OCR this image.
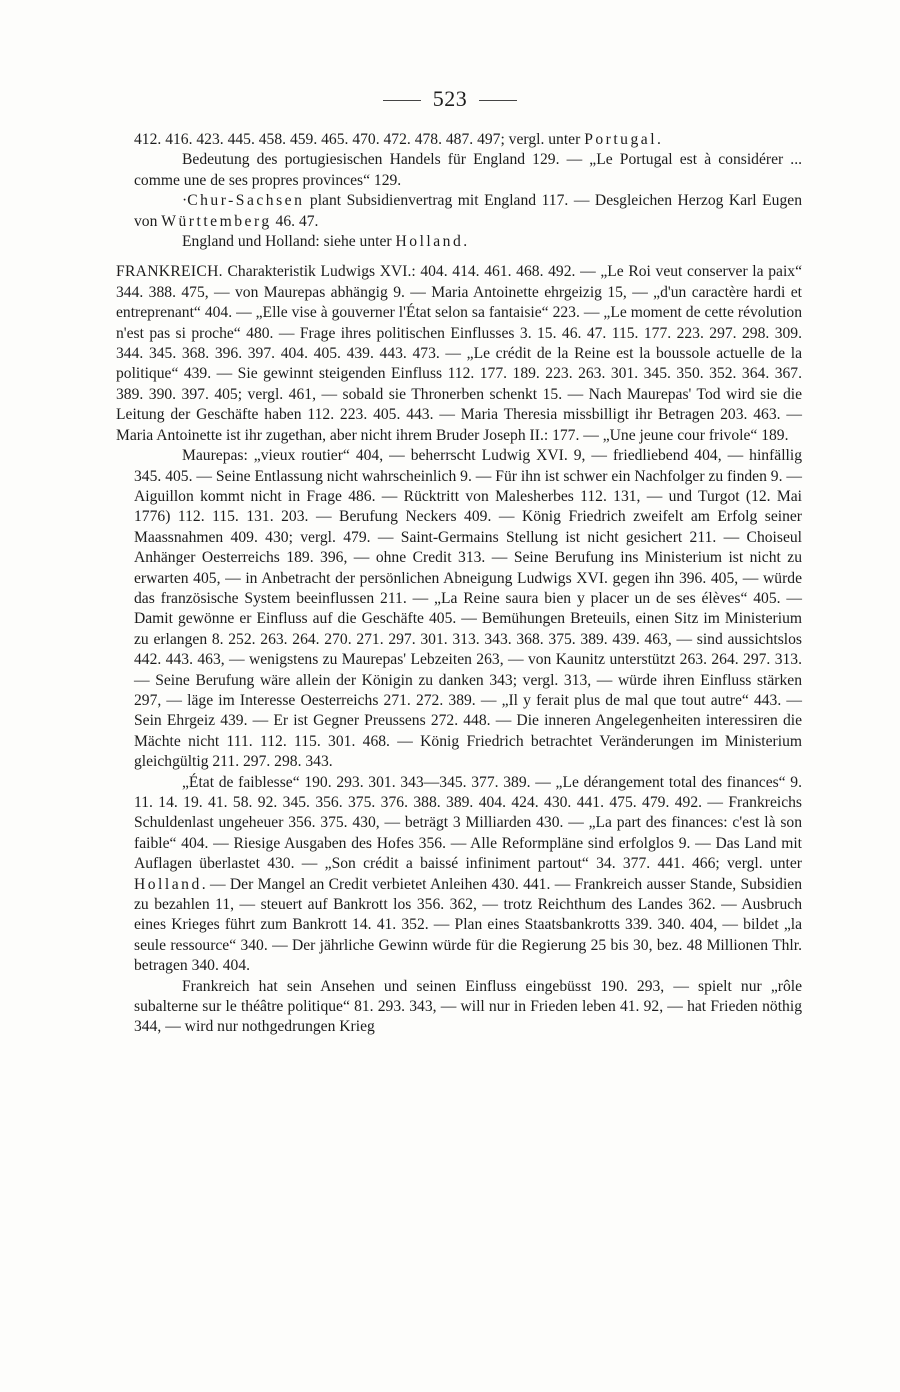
523

412. 416. 423. 445. 458. 459. 465. 470. 472. 478. 487. 497; vergl. unter Portugal.

Bedeutung des portugiesischen Handels für England 129. — „Le Portugal est à considérer ... comme une de ses propres provinces“ 129.

·Chur-Sachsen plant Subsidienvertrag mit England 117. — Desgleichen Herzog Karl Eugen von Württemberg 46. 47.

England und Holland: siehe unter Holland.

FRANKREICH. Charakteristik Ludwigs XVI.: 404. 414. 461. 468. 492. — „Le Roi veut conserver la paix“ 344. 388. 475, — von Maurepas abhängig 9. — Maria Antoinette ehrgeizig 15, — „d'un caractère hardi et entreprenant“ 404. — „Elle vise à gouverner l'État selon sa fantaisie“ 223. — „Le moment de cette révolution n'est pas si proche“ 480. — Frage ihres politischen Einflusses 3. 15. 46. 47. 115. 177. 223. 297. 298. 309. 344. 345. 368. 396. 397. 404. 405. 439. 443. 473. — „Le crédit de la Reine est la boussole actuelle de la politique“ 439. — Sie gewinnt steigenden Einfluss 112. 177. 189. 223. 263. 301. 345. 350. 352. 364. 367. 389. 390. 397. 405; vergl. 461, — sobald sie Thronerben schenkt 15. — Nach Maurepas' Tod wird sie die Leitung der Geschäfte haben 112. 223. 405. 443. — Maria Theresia missbilligt ihr Betragen 203. 463. — Maria Antoinette ist ihr zugethan, aber nicht ihrem Bruder Joseph II.: 177. — „Une jeune cour frivole“ 189.

Maurepas: „vieux routier“ 404, — beherrscht Ludwig XVI. 9, — friedliebend 404, — hinfällig 345. 405. — Seine Entlassung nicht wahrscheinlich 9. — Für ihn ist schwer ein Nachfolger zu finden 9. — Aiguillon kommt nicht in Frage 486. — Rücktritt von Malesherbes 112. 131, — und Turgot (12. Mai 1776) 112. 115. 131. 203. — Berufung Neckers 409. — König Friedrich zweifelt am Erfolg seiner Maassnahmen 409. 430; vergl. 479. — Saint-Germains Stellung ist nicht gesichert 211. — Choiseul Anhänger Oesterreichs 189. 396, — ohne Credit 313. — Seine Berufung ins Ministerium ist nicht zu erwarten 405, — in Anbetracht der persönlichen Abneigung Ludwigs XVI. gegen ihn 396. 405, — würde das französische System beeinflussen 211. — „La Reine saura bien y placer un de ses élèves“ 405. — Damit gewönne er Einfluss auf die Geschäfte 405. — Bemühungen Breteuils, einen Sitz im Ministerium zu erlangen 8. 252. 263. 264. 270. 271. 297. 301. 313. 343. 368. 375. 389. 439. 463, — sind aussichtslos 442. 443. 463, — wenigstens zu Maurepas' Lebzeiten 263, — von Kaunitz unterstützt 263. 264. 297. 313. — Seine Berufung wäre allein der Königin zu danken 343; vergl. 313, — würde ihren Einfluss stärken 297, — läge im Interesse Oesterreichs 271. 272. 389. — „Il y ferait plus de mal que tout autre“ 443. — Sein Ehrgeiz 439. — Er ist Gegner Preussens 272. 448. — Die inneren Angelegenheiten interessiren die Mächte nicht 111. 112. 115. 301. 468. — König Friedrich betrachtet Veränderungen im Ministerium gleichgültig 211. 297. 298. 343.

„État de faiblesse“ 190. 293. 301. 343—345. 377. 389. — „Le dérangement total des finances“ 9. 11. 14. 19. 41. 58. 92. 345. 356. 375. 376. 388. 389. 404. 424. 430. 441. 475. 479. 492. — Frankreichs Schuldenlast ungeheuer 356. 375. 430, — beträgt 3 Milliarden 430. — „La part des finances: c'est là son faible“ 404. — Riesige Ausgaben des Hofes 356. — Alle Reformpläne sind erfolglos 9. — Das Land mit Auflagen überlastet 430. — „Son crédit a baissé infiniment partout“ 34. 377. 441. 466; vergl. unter Holland. — Der Mangel an Credit verbietet Anleihen 430. 441. — Frankreich ausser Stande, Subsidien zu bezahlen 11, — steuert auf Bankrott los 356. 362, — trotz Reichthum des Landes 362. — Ausbruch eines Krieges führt zum Bankrott 14. 41. 352. — Plan eines Staatsbankrotts 339. 340. 404, — bildet „la seule ressource“ 340. — Der jährliche Gewinn würde für die Regierung 25 bis 30, bez. 48 Millionen Thlr. betragen 340. 404.

Frankreich hat sein Ansehen und seinen Einfluss eingebüsst 190. 293, — spielt nur „rôle subalterne sur le théâtre politique“ 81. 293. 343, — will nur in Frieden leben 41. 92, — hat Frieden nöthig 344, — wird nur nothgedrungen Krieg
